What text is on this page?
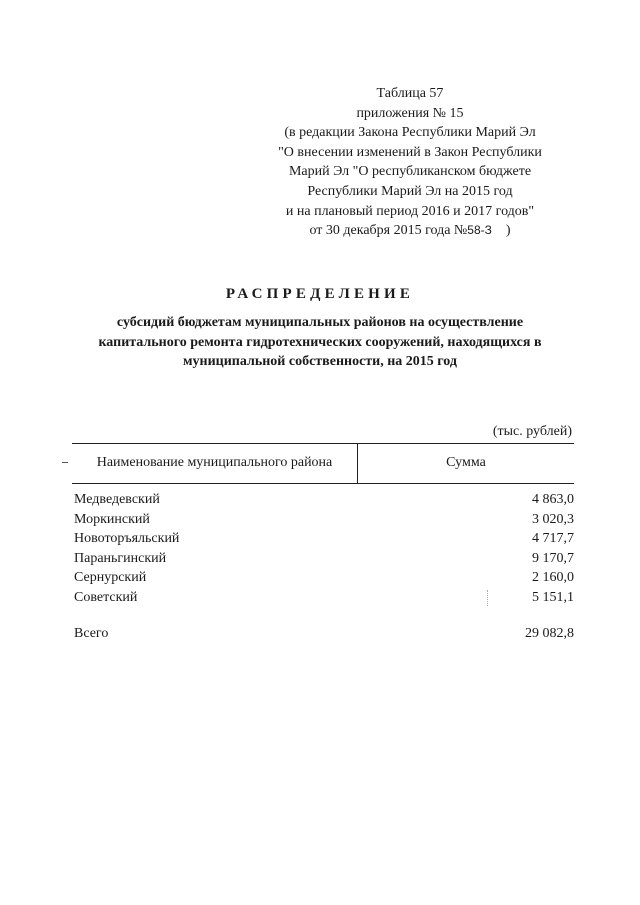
Таблица 57
приложения № 15
(в редакции Закона Республики Марий Эл
"О внесении изменений в Закон Республики
Марий Эл "О республиканском бюджете
Республики Марий Эл на 2015 год
и на плановый период 2016 и 2017 годов"
от 30 декабря 2015 года №58-З )
РАСПРЕДЕЛЕНИЕ
субсидий бюджетам муниципальных районов на осуществление
капитального ремонта гидротехнических сооружений, находящихся в
муниципальной собственности, на 2015 год
(тыс. рублей)
Наименование муниципального района	Сумма
Медведевский	4 863,0
Моркинский	3 020,3
Новоторъяльский	4 717,7
Параньгинский	9 170,7
Сернурский	2 160,0
Советский	5 151,1
Всего	29 082,8
